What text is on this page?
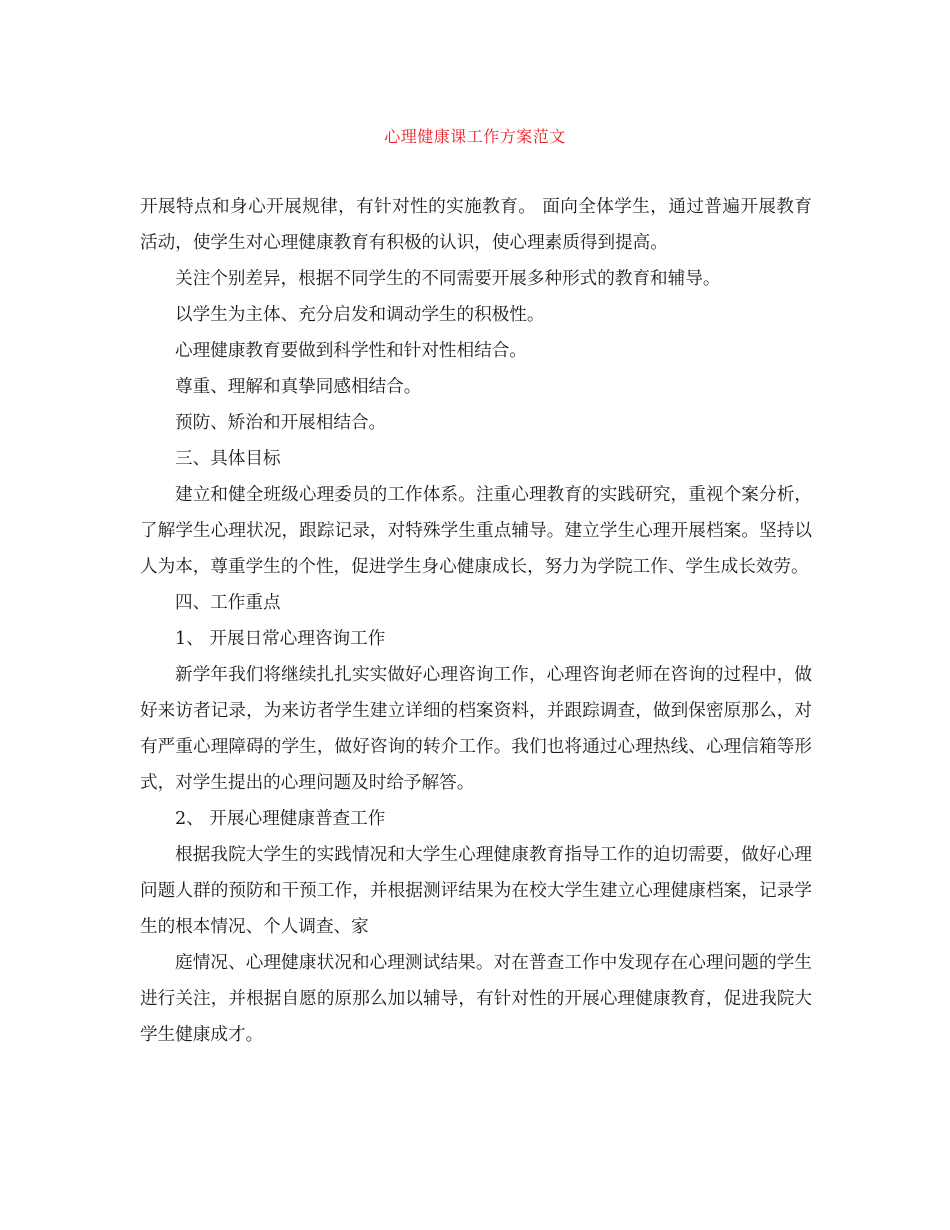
心理健康课工作方案范文

开展特点和身心开展规律，有针对性的实施教育。 面向全体学生，通过普遍开展教育活动，使学生对心理健康教育有积极的认识，使心理素质得到提高。

关注个别差异，根据不同学生的不同需要开展多种形式的教育和辅导。

以学生为主体、充分启发和调动学生的积极性。

心理健康教育要做到科学性和针对性相结合。

尊重、理解和真挚同感相结合。

预防、矫治和开展相结合。

三、具体目标

建立和健全班级心理委员的工作体系。注重心理教育的实践研究，重视个案分析，了解学生心理状况，跟踪记录，对特殊学生重点辅导。建立学生心理开展档案。坚持以人为本，尊重学生的个性，促进学生身心健康成长，努力为学院工作、学生成长效劳。

四、工作重点

1、 开展日常心理咨询工作

新学年我们将继续扎扎实实做好心理咨询工作，心理咨询老师在咨询的过程中，做好来访者记录，为来访者学生建立详细的档案资料，并跟踪调查，做到保密原那么，对有严重心理障碍的学生，做好咨询的转介工作。我们也将通过心理热线、心理信箱等形式，对学生提出的心理问题及时给予解答。

2、 开展心理健康普查工作

根据我院大学生的实践情况和大学生心理健康教育指导工作的迫切需要，做好心理问题人群的预防和干预工作，并根据测评结果为在校大学生建立心理健康档案，记录学生的根本情况、个人调查、家

庭情况、心理健康状况和心理测试结果。对在普查工作中发现存在心理问题的学生进行关注，并根据自愿的原那么加以辅导，有针对性的开展心理健康教育，促进我院大学生健康成才。
